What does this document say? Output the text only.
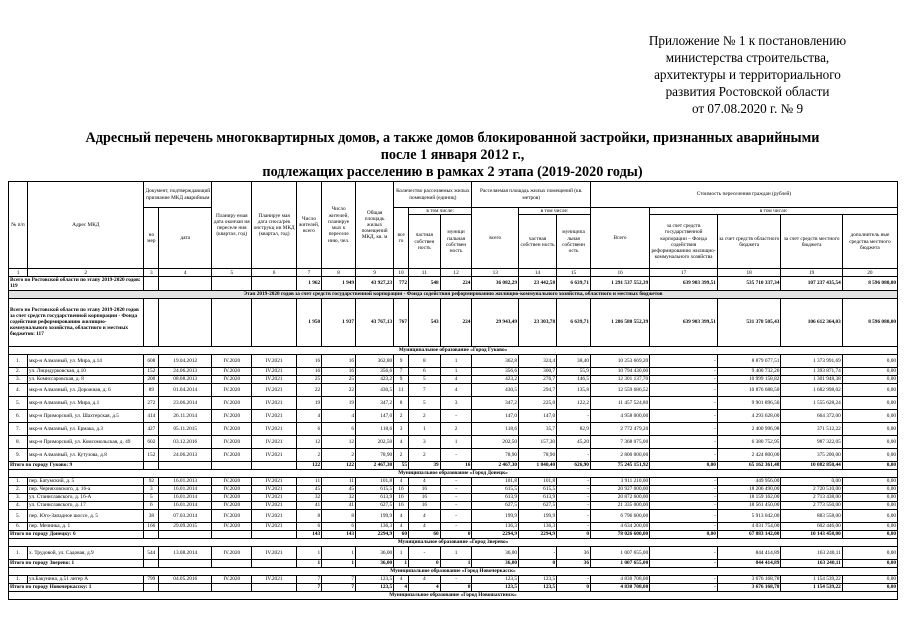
Приложение № 1 к постановлению
министерства строительства,
архитектуры и территориального
развития Ростовской области
от 07.08.2020 г. № 9
Адресный перечень многоквартирных домов, а также домов блокированной застройки, признанных аварийными
после 1 января 2012 г.,
подлежащих расселению в рамках 2 этапа (2019-2020 годы)
№ п/п	Адрес МКД	Документ, подтверждающий признание МКД аварийным		Планиру емая дата окончан ия переселе ния (квартал, год)	Планируе мая дата сноса/рек онструкц ии МКД (квартал, год)	Число жителей, всего	Число жителей, планируе мых к переселе нию, чел.	Общая площадь жилых помещений МКД, кв. м	Количество расселяемых жилых помещений (единиц)			Расселяемая площадь жилых помещений (кв. метров)			Стоимость переселения граждан (рублей)				
		но мер	дата						все го	в том числе:		всего	в том числе:		Всего	в том числе:			
										частная собствен ность	муници пальная собствен ность		частная собствен ность	муниципа льная собственн ость		за счет средств государственной корпорации – Фонда содействия реформированию жилищно-коммунального хозяйства	за счет средств областного бюджета	за счет средств местного бюджета	дополнитель ные средства местного бюджета
1	2	3	4	5	6	7	8	9	10	11	12	13	14	15	16	17	18	19	20
Всего по Ростовской области по этапу 2019-2020 годов: 119						1 962	1 949	43 927,23	772	548	224	36 082,29	23 442,58	6 639,71	1 291 537 552,39	639 903 399,51	535 710 337,34	107 237 435,54	8 596 080,00
Этап 2019-2020 годов за счет средств государственной корпорации - Фонда содействия реформированию жилищно-коммунального хозяйства, областного и местных бюджетов																			
Всего по Ростовской области по этапу 2019-2020 годов за счет средств государственной корпорации - Фонда содействия реформированию жилищно-коммунального хозяйства, областного и местных бюджетов: 117						1 950	1 937	43 767,13	767	543	224	29 943,49	23 303,78	6 639,71	1 286 580 552,39	639 903 399,51	531 378 505,43	106 612 364,03	8 596 080,00
Муниципальное образование «Город Гуково»																			
1.	мкр-н Алмазный, ул. Мира, д.14	608	19.04.2012	IV.2020	IV.2021	16	16	362,80	9	8	1	362,8	324,4	38,40	10 253 669,20	-	8 879 677,51	1 373 991,69	0,00
2.	ул. Лицидурковская, д.10	152	24.06.2013	IV.2020	IV.2021	16	16	356,6	7	6	1	356,6	300,7	55,9	10 794 430,00	-	9 400 732,26	1 393 871,74	0,00
3.	ул. Комиссаровская, д. 8	200	08.08.2013	IV.2020	IV.2021	25	25	423,2	9	5	4	423,2	276,7	146,5	12 301 137,70	-	10 999 158,82	1 301 948,38	0,00
4.	мкр-н Алмазный, ул. Дорожная, д. 6	89	01.04.2014	IV.2020	IV.2021	22	22	430,5	11	7	4	430,5	294,7	135,8	12 559 686,52	-	10 876 688,50	1 682 998,02	0,00
5.	мкр-н Алмазный, ул. Мира, д.1	272	23.06.2014	IV.2020	IV.2021	19	19	347,2	8	5	3	347,2	225,0	122,2	11 457 524,80	-	9 901 896,56	1 555 628,24	0,00
6.	мкр-н Приморский, ул. Шахтерская, д.5	414	26.11.2014	IV.2020	IV.2021	4	4	147,0	2	2	-	147,0	147,0	-	4 958 000,00	-	4 293 628,00	664 372,00	0,00
7.	мкр-н Алмазный, ул. Ермака, д.3	427	05.11.2015	IV.2020	IV.2021	6	6	118,6	3	1	2	118,6	35,7	82,9	2 772 479,20	-	2 400 996,98	371 512,22	0,00
8.	мкр-н Приморский, ул. Комсомольская, д. 49	602	03.12.2016	IV.2020	IV.2021	12	12	202,50	4	3	1	202,50	157,30	45,20	7 368 075,00	-	6 380 752,95	987 322,05	0,00
9.	мкр-н Алмазный, ул. Кутузова, д.8	152	24.06.2013	IV.2020	IV.2021	2	2	78,90	2	2	-	78,90	78,90	-	2 800 000,00	-	2 424 800,00	375 200,00	0,00
Итого по городу Гуково: 9						122	122	2 467,30	55	39	16	2 467,30	1 840,40	626,90	75 245 151,92	0,00	65 162 361,48	10 082 850,44	0,00
Муниципальное образование «Город Донецк»																			
1.	пер. Батумский, д. 5	92	16.01.2013	IV.2020	IV.2021	11	11	101,8	4	4	-	101,8	101,8	-	3 911 210,00	-	449 956,00	0,00	0,00
2.	пер. Черняховского, д. 16-а	3	16.01.2014	IV.2020	IV.2021	45	45	615,5	16	16	-	615,5	615,5	-	20 927 000,00	-	18 206 490,00	2 720 510,00	0,00
3.	ул. Станиславского, д. 16-А	5	16.01.2014	IV.2020	IV.2021	32	32	613,9	16	16	-	613,9	613,9	-	20 872 600,00	-	18 159 162,00	2 713 438,00	0,00
4.	ул. Станиславского, д. 17	6	16.01.2014	IV.2020	IV.2021	41	41	627,5	16	16	-	627,5	627,5	-	21 335 000,00	-	18 561 450,00	2 773 550,00	0,00
5.	пер. Юго-Западное шоссе, д. 5	38	07.03.2014	IV.2020	IV.2021	8	8	199,9	4	4	-	199,9	199,9	-	6 796 600,00	-	5 913 042,00	883 558,00	0,00
6.	пер. Мечника, д. 1	166	29.09.2015	IV.2020	IV.2021	6	6	136,3	4	4	-	136,3	136,3	-	4 634 200,00	-	4 031 754,00	602 446,00	0,00
Итого по городу Донецку: 6						143	143	2294,9	60	60	0	2294,9	2294,9	0	78 026 600,00	0,00	67 883 142,00	10 143 458,00	0,00
Муниципальное образование «Город Зверево»																			
1.	х. Трудовой, ул. Садовая, д.9	544	13.08.2014	IV.2020	IV.2021	1	1	36,00	1	-	1	36,00	-	36	1 007 655,00	-	844 414,89	163 240,11	0,00
Итого по городу Зверево: 1						1	1	36,00	1	0	1	36,00	0	36	1 007 655,00	-	844 414,89	163 240,11	0,00
Муниципальное образование «Город Новочеркасск»																			
1.	ул.Бакунина, д.51 литер А	799	04.05.2016	IV.2020	IV.2021	7	7	123,5	4	4	-	123,5	123,5	-	4 830 708,00	-	3 676 168,78	1 154 539,22	0,00
Итого по городу Новочеркасску: 1						7	7	123,5	4	4	0	123,5	123,5	0	4 830 708,00	-	3 676 168,78	1 154 539,22	0,00
Муниципальное образование «Город Новошахтинск»																			
